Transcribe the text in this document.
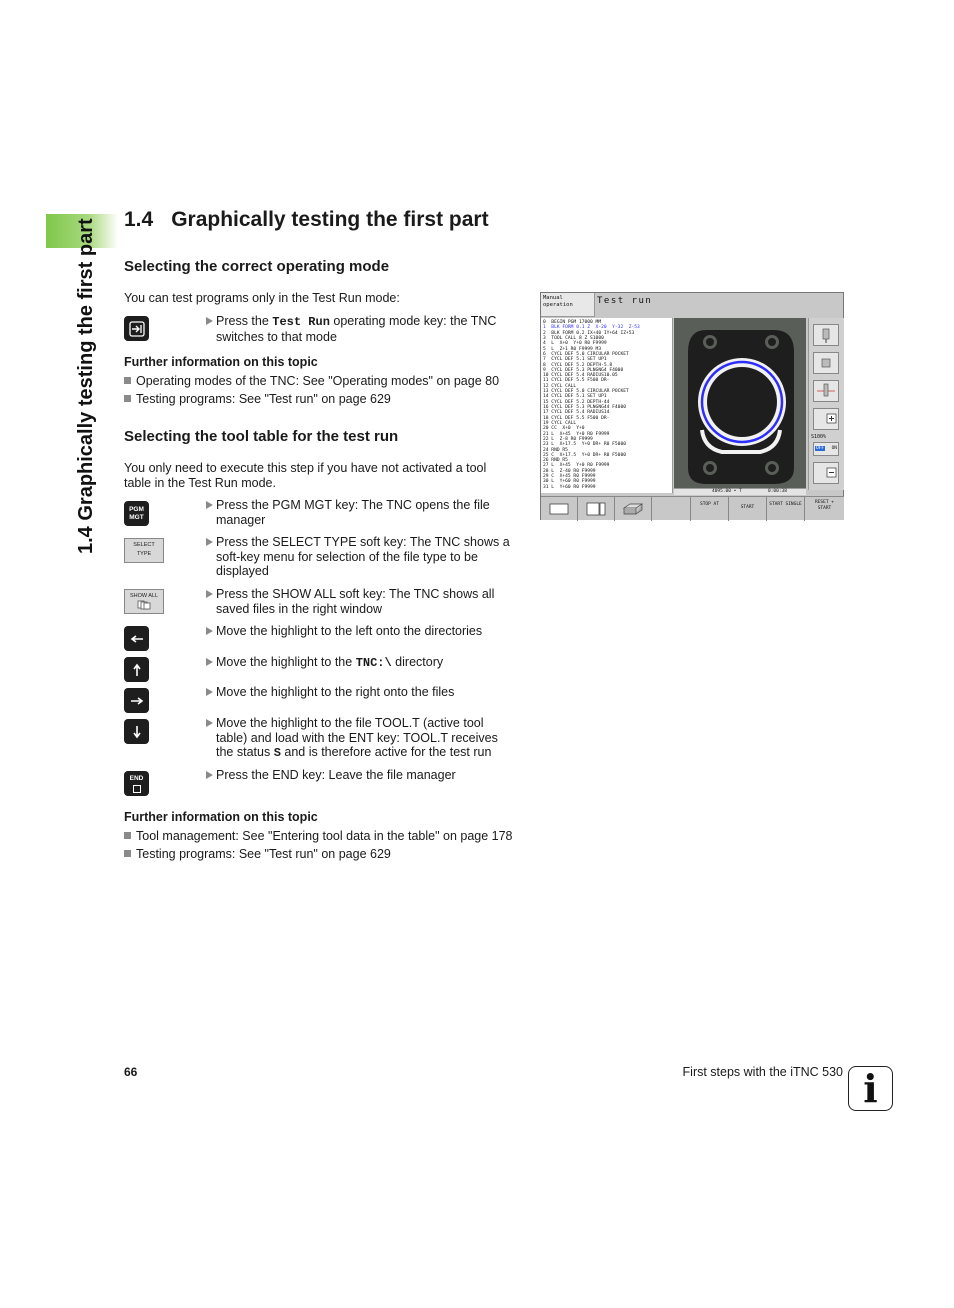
1.4 Graphically testing the first part	1.4 Graphically testing the first part
Selecting the correct operating mode
You can test programs only in the Test Run mode:
Press the Test Run operating mode key: the TNC switches to that mode
Further information on this topic
Operating modes of the TNC: See "Operating modes" on page 80
Testing programs: See "Test run" on page 629
Selecting the tool table for the test run
You only need to execute this step if you have not activated a tool table in the Test Run mode.
PGM
MGT
Press the PGM MGT key: The TNC opens the file manager
SELECT
TYPE
Press the SELECT TYPE soft key: The TNC shows a soft-key menu for selection of the file type to be displayed
SHOW ALL	Press the SHOW ALL soft key: The TNC shows all saved files in the right window
Move the highlight to the left onto the directories
Move the highlight to the TNC:\ directory
Move the highlight to the right onto the files
Move the highlight to the file TOOL.T (active tool table) and load with the ENT key: TOOL.T receives the status S and is therefore active for the test run
END	Press the END key: Leave the file manager
Further information on this topic
Tool management: See "Entering tool data in the table" on page 178
Testing programs: See "Test run" on page 629
Manual
operation	Test run
0  BEGIN PGM 17000 MM
1  BLK FORM 0.1 Z  X-20  Y-32  Z-53
2  BLK FORM 0.2 IX+40 IY+64 IZ+53
3  TOOL CALL 8 Z S1000
4  L  X+0  Y+0 R0 F9999
5  L  Z+1 R0 F9999 M3
6  CYCL DEF 5.0 CIRCULAR POCKET
7  CYCL DEF 5.1 SET UP1
8  CYCL DEF 5.2 DEPTH-5.8
9  CYCL DEF 5.3 PLNGNG4 F4000
10 CYCL DEF 5.4 RADIUS10.05
11 CYCL DEF 5.5 F500 DR-
12 CYCL CALL
13 CYCL DEF 5.0 CIRCULAR POCKET
14 CYCL DEF 5.1 SET UP1
15 CYCL DEF 5.2 DEPTH-44
16 CYCL DEF 5.3 PLNGNG44 F4000
17 CYCL DEF 5.4 RADIUS14
18 CYCL DEF 5.5 F500 DR-
19 CYCL CALL
20 CC  X+0  Y+0
21 L  X+45  Y+0 R0 F9999
22 L  Z-8 R0 F9999
23 L  X+17.5  Y+0 DR+ R0 F5000
24 RND R5
25 C  X+17.5  Y+0 DR+ R0 F5000
26 RND R5
27 L  X+45  Y+0 R0 F9999
28 L  Z-40 R0 F9999
29 C  X+45 R0 F9999
30 L  Y+60 R0 F9999
31 L  Y+60 R0 F9999
S100%
OFF ON
4095.00 • T	0:00:38
STOP AT
START
START SINGLE	RESET + START
66	First steps with the iTNC 530 i
